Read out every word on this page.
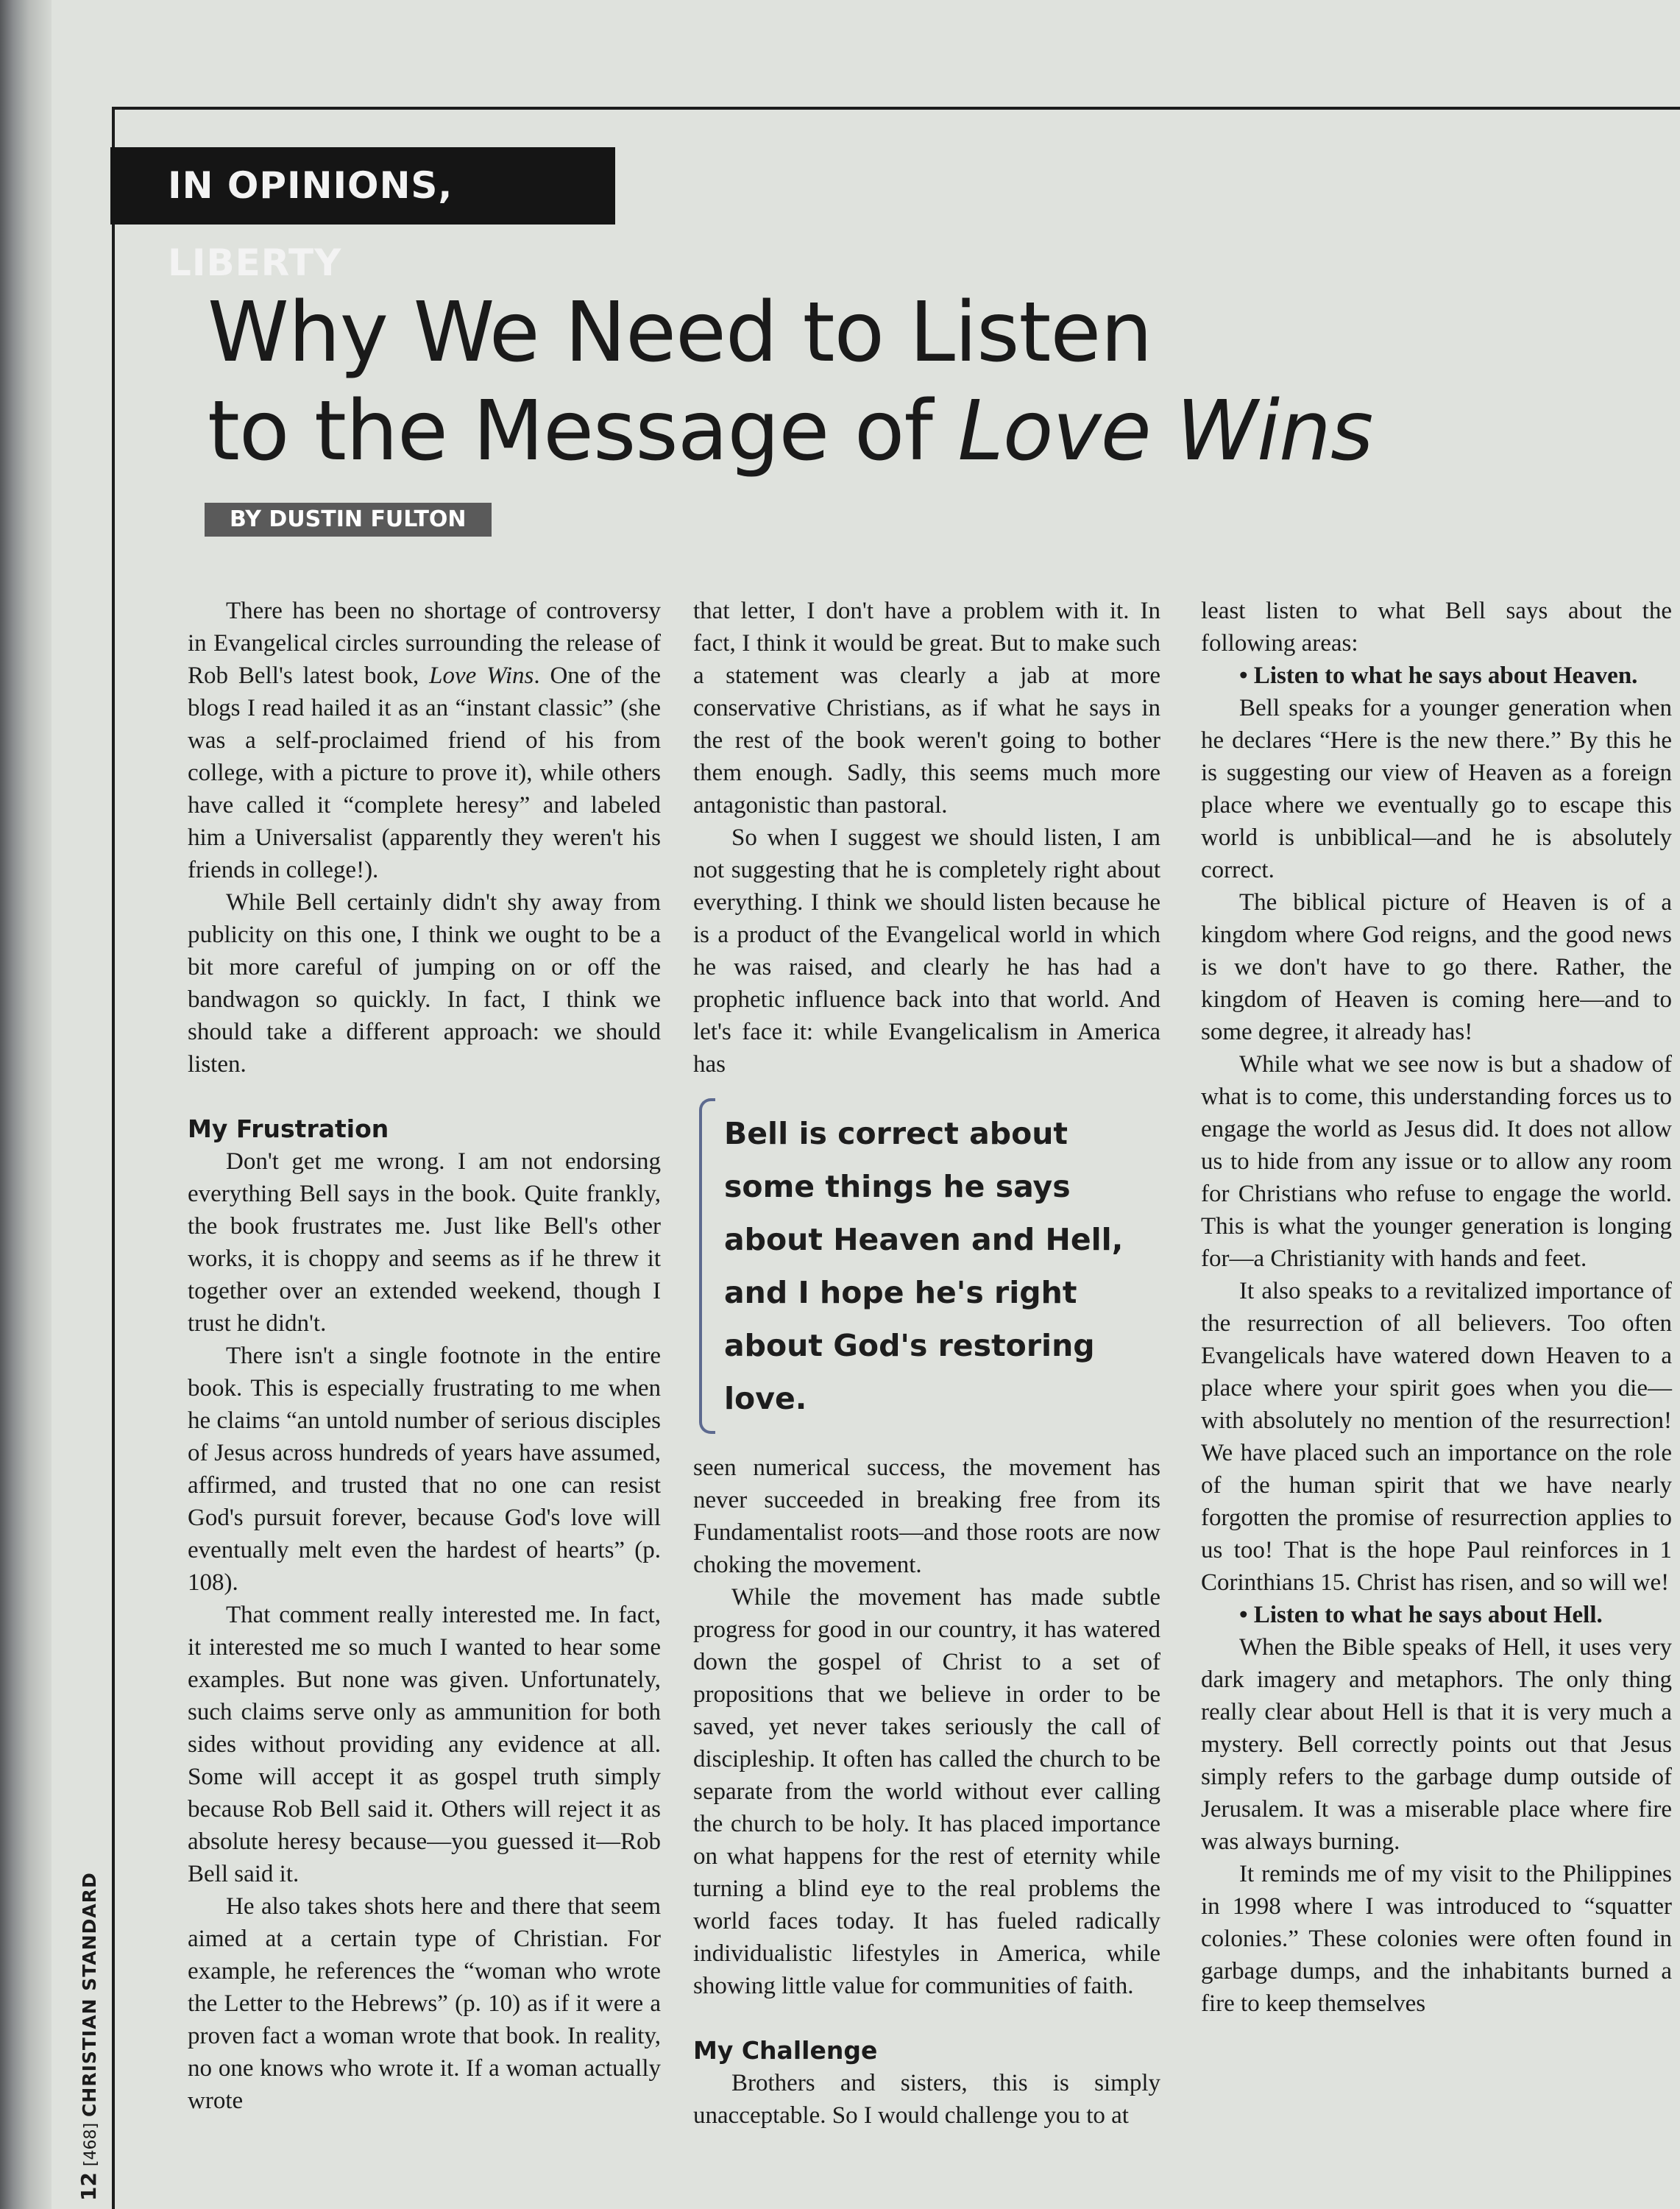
IN OPINIONS, LIBERTY
Why We Need to Listen
to the Message of Love Wins
BY DUSTIN FULTON

There has been no shortage of controversy in Evangelical circles surrounding the release of Rob Bell's latest book, Love Wins. One of the blogs I read hailed it as an “instant classic” (she was a self-proclaimed friend of his from college, with a picture to prove it), while others have called it “complete heresy” and labeled him a Universalist (apparently they weren't his friends in college!).

While Bell certainly didn't shy away from publicity on this one, I think we ought to be a bit more careful of jumping on or off the bandwagon so quickly. In fact, I think we should take a different approach: we should listen.

My Frustration

Don't get me wrong. I am not endorsing everything Bell says in the book. Quite frankly, the book frustrates me. Just like Bell's other works, it is choppy and seems as if he threw it together over an extended weekend, though I trust he didn't.

There isn't a single footnote in the entire book. This is especially frustrating to me when he claims “an untold number of serious disciples of Jesus across hundreds of years have assumed, affirmed, and trusted that no one can resist God's pursuit forever, because God's love will eventually melt even the hardest of hearts” (p. 108).

That comment really interested me. In fact, it interested me so much I wanted to hear some examples. But none was given. Unfortunately, such claims serve only as ammunition for both sides without providing any evidence at all. Some will accept it as gospel truth simply because Rob Bell said it. Others will reject it as absolute heresy because—you guessed it—Rob Bell said it.

He also takes shots here and there that seem aimed at a certain type of Christian. For example, he references the “woman who wrote the Letter to the Hebrews” (p. 10) as if it were a proven fact a woman wrote that book. In reality, no one knows who wrote it. If a woman actually wrote

that letter, I don't have a problem with it. In fact, I think it would be great. But to make such a statement was clearly a jab at more conservative Christians, as if what he says in the rest of the book weren't going to bother them enough. Sadly, this seems much more antagonistic than pastoral.

So when I suggest we should listen, I am not suggesting that he is completely right about everything. I think we should listen because he is a product of the Evangelical world in which he was raised, and clearly he has had a prophetic influence back into that world. And let's face it: while Evangelicalism in America has

Bell is correct about some things he says about Heaven and Hell, and I hope he's right about God's restoring love.

seen numerical success, the movement has never succeeded in breaking free from its Fundamentalist roots—and those roots are now choking the movement.

While the movement has made subtle progress for good in our country, it has watered down the gospel of Christ to a set of propositions that we believe in order to be saved, yet never takes seriously the call of discipleship. It often has called the church to be separate from the world without ever calling the church to be holy. It has placed importance on what happens for the rest of eternity while turning a blind eye to the real problems the world faces today. It has fueled radically individualistic lifestyles in America, while showing little value for communities of faith.

My Challenge

Brothers and sisters, this is simply unacceptable. So I would challenge you to at

least listen to what Bell says about the following areas:

• Listen to what he says about Heaven.

Bell speaks for a younger generation when he declares “Here is the new there.” By this he is suggesting our view of Heaven as a foreign place where we eventually go to escape this world is unbiblical—and he is absolutely correct.

The biblical picture of Heaven is of a kingdom where God reigns, and the good news is we don't have to go there. Rather, the kingdom of Heaven is coming here—and to some degree, it already has!

While what we see now is but a shadow of what is to come, this understanding forces us to engage the world as Jesus did. It does not allow us to hide from any issue or to allow any room for Christians who refuse to engage the world. This is what the younger generation is longing for—a Christianity with hands and feet.

It also speaks to a revitalized importance of the resurrection of all believers. Too often Evangelicals have watered down Heaven to a place where your spirit goes when you die—with absolutely no mention of the resurrection! We have placed such an importance on the role of the human spirit that we have nearly forgotten the promise of resurrection applies to us too! That is the hope Paul reinforces in 1 Corinthians 15. Christ has risen, and so will we!

• Listen to what he says about Hell.

When the Bible speaks of Hell, it uses very dark imagery and metaphors. The only thing really clear about Hell is that it is very much a mystery. Bell correctly points out that Jesus simply refers to the garbage dump outside of Jerusalem. It was a miserable place where fire was always burning.

It reminds me of my visit to the Philippines in 1998 where I was introduced to “squatter colonies.” These colonies were often found in garbage dumps, and the inhabitants burned a fire to keep themselves

12 [468] CHRISTIAN STANDARD
